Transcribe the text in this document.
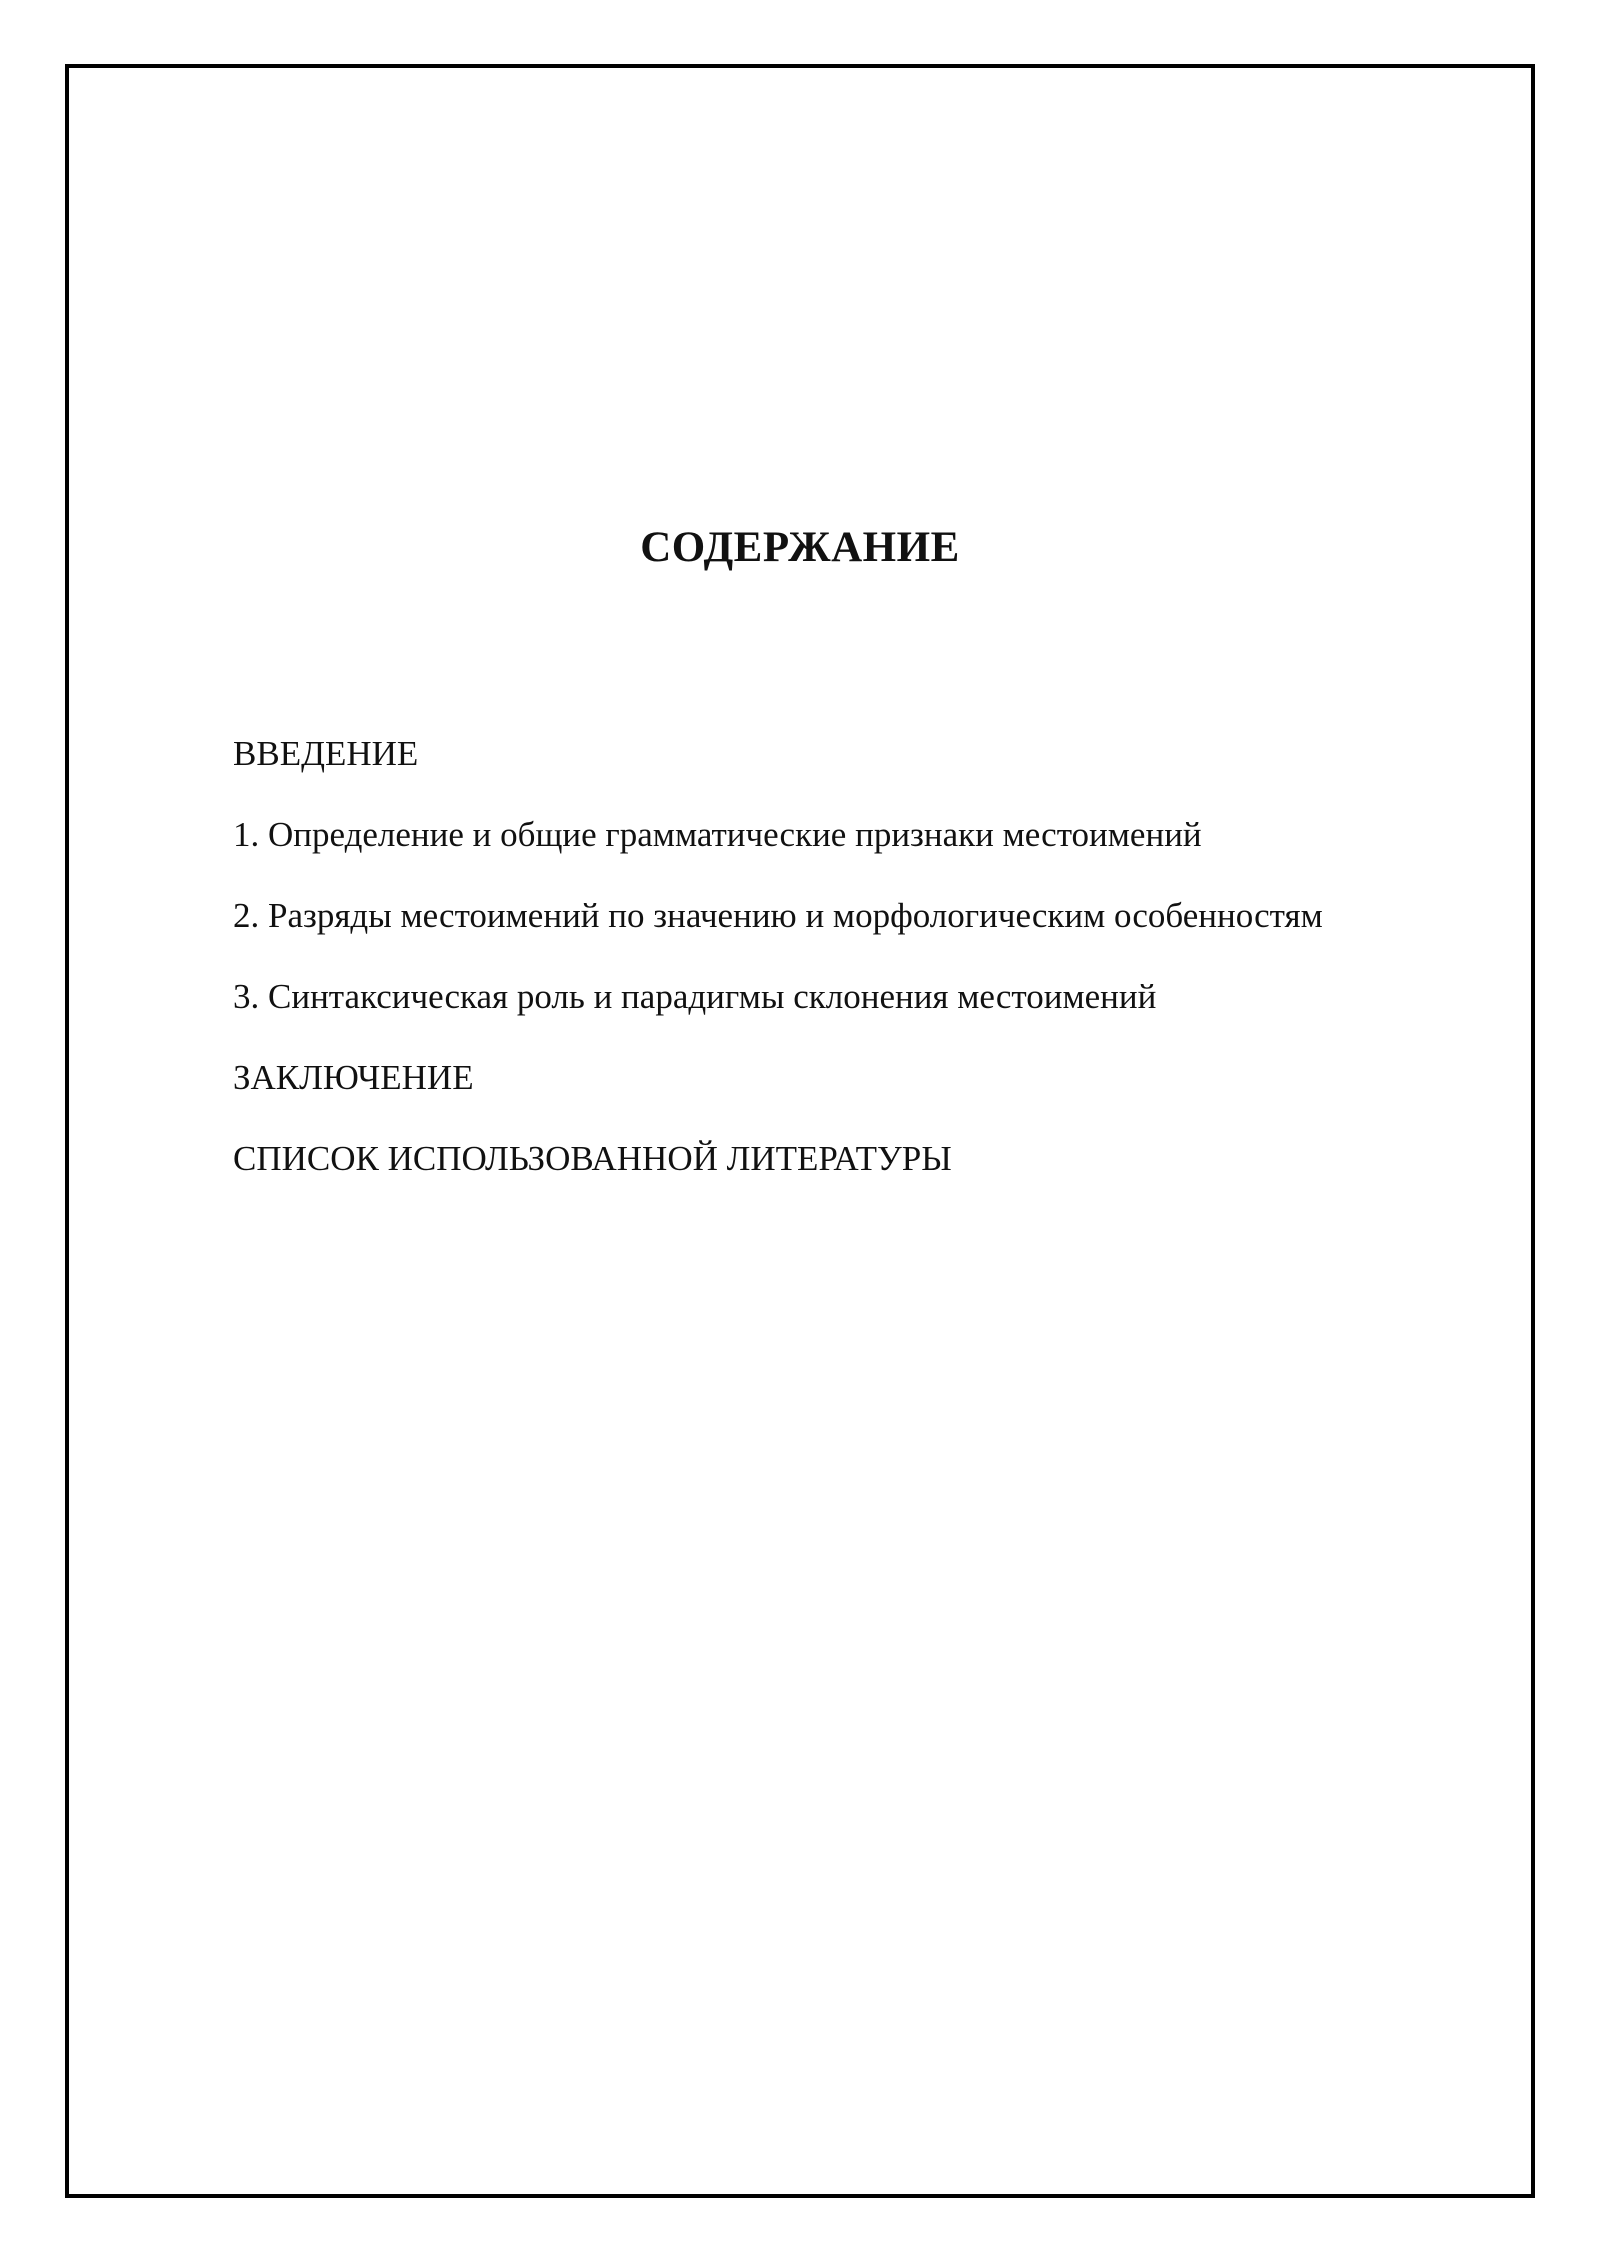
СОДЕРЖАНИЕ
ВВЕДЕНИЕ
1. Определение и общие грамматические признаки местоимений
2. Разряды местоимений по значению и морфологическим особенностям
3. Синтаксическая роль и парадигмы склонения местоимений
ЗАКЛЮЧЕНИЕ
СПИСОК ИСПОЛЬЗОВАННОЙ ЛИТЕРАТУРЫ
